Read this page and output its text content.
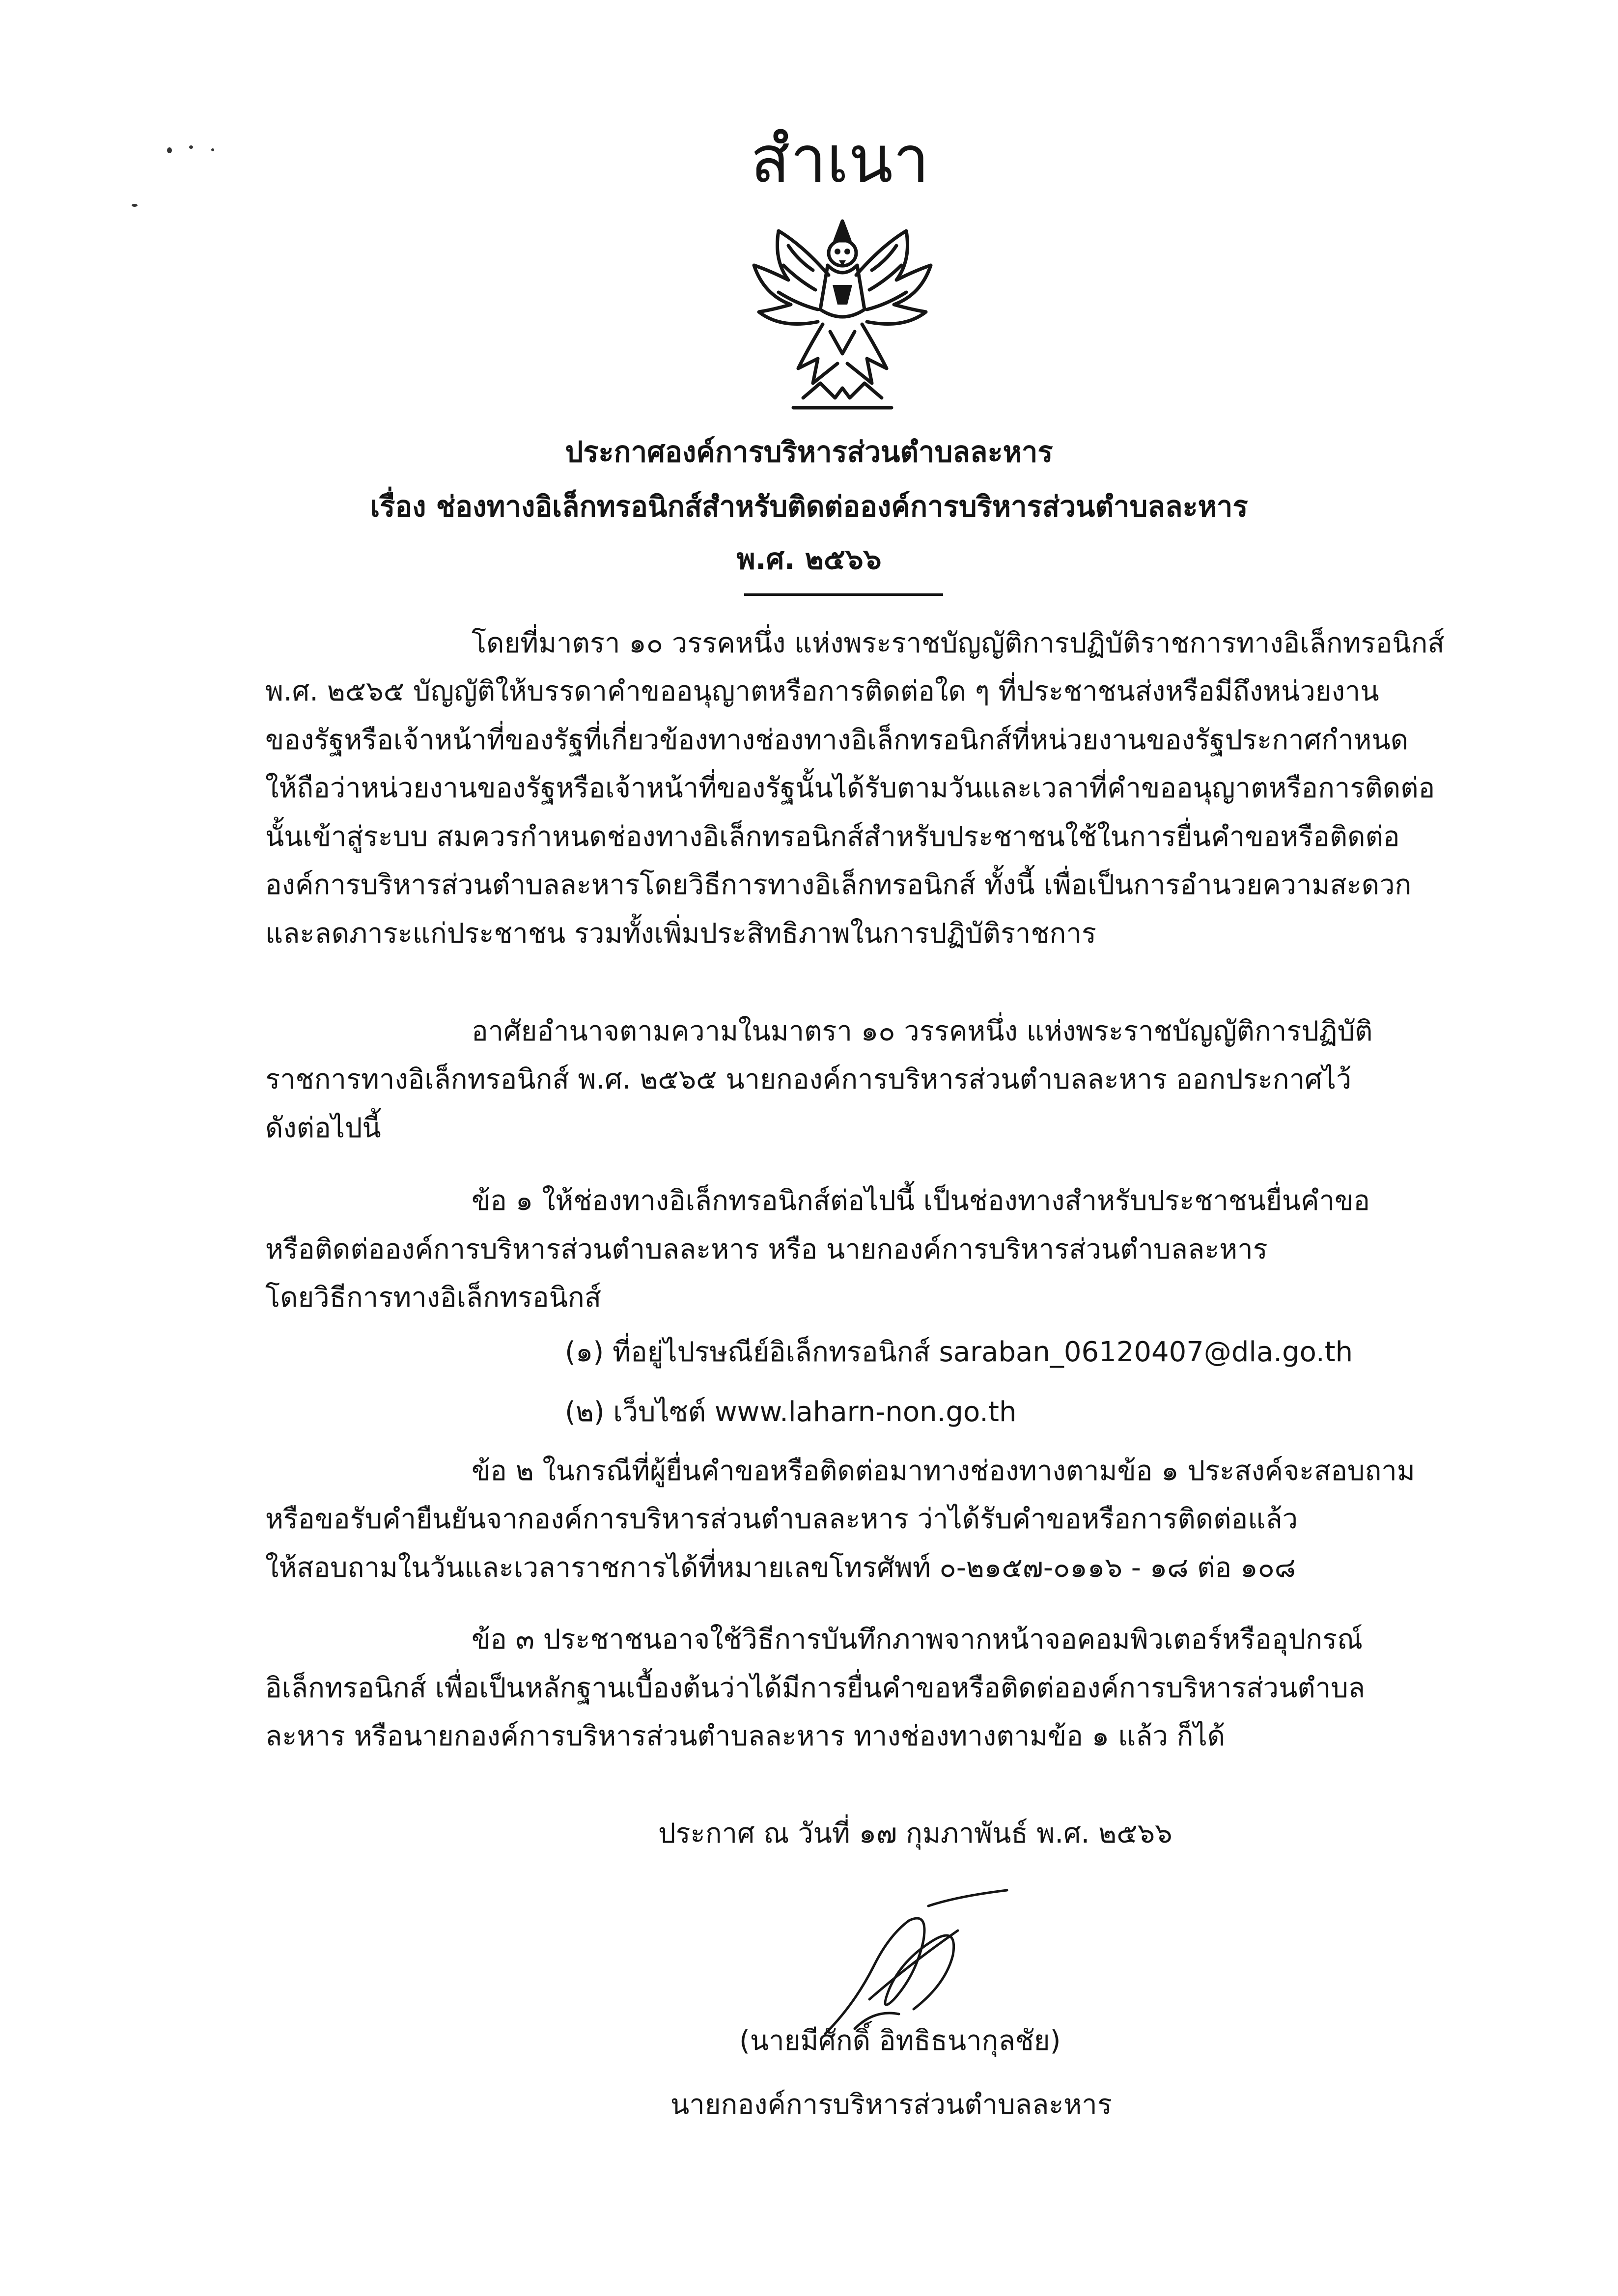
สำเนา
ประกาศองค์การบริหารส่วนตำบลละหาร
เรื่อง ช่องทางอิเล็กทรอนิกส์สำหรับติดต่อองค์การบริหารส่วนตำบลละหาร
พ.ศ. ๒๕๖๖
โดยที่มาตรา ๑๐ วรรคหนึ่ง แห่งพระราชบัญญัติการปฏิบัติราชการทางอิเล็กทรอนิกส์
พ.ศ. ๒๕๖๕ บัญญัติให้บรรดาคำขออนุญาตหรือการติดต่อใด ๆ ที่ประชาชนส่งหรือมีถึงหน่วยงาน
ของรัฐหรือเจ้าหน้าที่ของรัฐที่เกี่ยวข้องทางช่องทางอิเล็กทรอนิกส์ที่หน่วยงานของรัฐประกาศกำหนด
ให้ถือว่าหน่วยงานของรัฐหรือเจ้าหน้าที่ของรัฐนั้นได้รับตามวันและเวลาที่คำขออนุญาตหรือการติดต่อ
นั้นเข้าสู่ระบบ สมควรกำหนดช่องทางอิเล็กทรอนิกส์สำหรับประชาชนใช้ในการยื่นคำขอหรือติดต่อ
องค์การบริหารส่วนตำบลละหารโดยวิธีการทางอิเล็กทรอนิกส์ ทั้งนี้ เพื่อเป็นการอำนวยความสะดวก
และลดภาระแก่ประชาชน รวมทั้งเพิ่มประสิทธิภาพในการปฏิบัติราชการ
อาศัยอำนาจตามความในมาตรา ๑๐ วรรคหนึ่ง แห่งพระราชบัญญัติการปฏิบัติ
ราชการทางอิเล็กทรอนิกส์ พ.ศ. ๒๕๖๕ นายกองค์การบริหารส่วนตำบลละหาร ออกประกาศไว้
ดังต่อไปนี้
ข้อ ๑ ให้ช่องทางอิเล็กทรอนิกส์ต่อไปนี้ เป็นช่องทางสำหรับประชาชนยื่นคำขอ
หรือติดต่อองค์การบริหารส่วนตำบลละหาร หรือ นายกองค์การบริหารส่วนตำบลละหาร
โดยวิธีการทางอิเล็กทรอนิกส์
(๑) ที่อยู่ไปรษณีย์อิเล็กทรอนิกส์ saraban_06120407@dla.go.th
(๒) เว็บไซต์ www.laharn-non.go.th
ข้อ ๒ ในกรณีที่ผู้ยื่นคำขอหรือติดต่อมาทางช่องทางตามข้อ ๑ ประสงค์จะสอบถาม
หรือขอรับคำยืนยันจากองค์การบริหารส่วนตำบลละหาร ว่าได้รับคำขอหรือการติดต่อแล้ว
ให้สอบถามในวันและเวลาราชการได้ที่หมายเลขโทรศัพท์ ๐-๒๑๕๗-๐๑๑๖ - ๑๘ ต่อ ๑๐๘
ข้อ ๓ ประชาชนอาจใช้วิธีการบันทึกภาพจากหน้าจอคอมพิวเตอร์หรืออุปกรณ์
อิเล็กทรอนิกส์ เพื่อเป็นหลักฐานเบื้องต้นว่าได้มีการยื่นคำขอหรือติดต่อองค์การบริหารส่วนตำบล
ละหาร หรือนายกองค์การบริหารส่วนตำบลละหาร ทางช่องทางตามข้อ ๑ แล้ว ก็ได้
ประกาศ ณ วันที่ ๑๗ กุมภาพันธ์ พ.ศ. ๒๕๖๖
(นายมีศักดิ์ อิทธิธนากุลชัย)
นายกองค์การบริหารส่วนตำบลละหาร
